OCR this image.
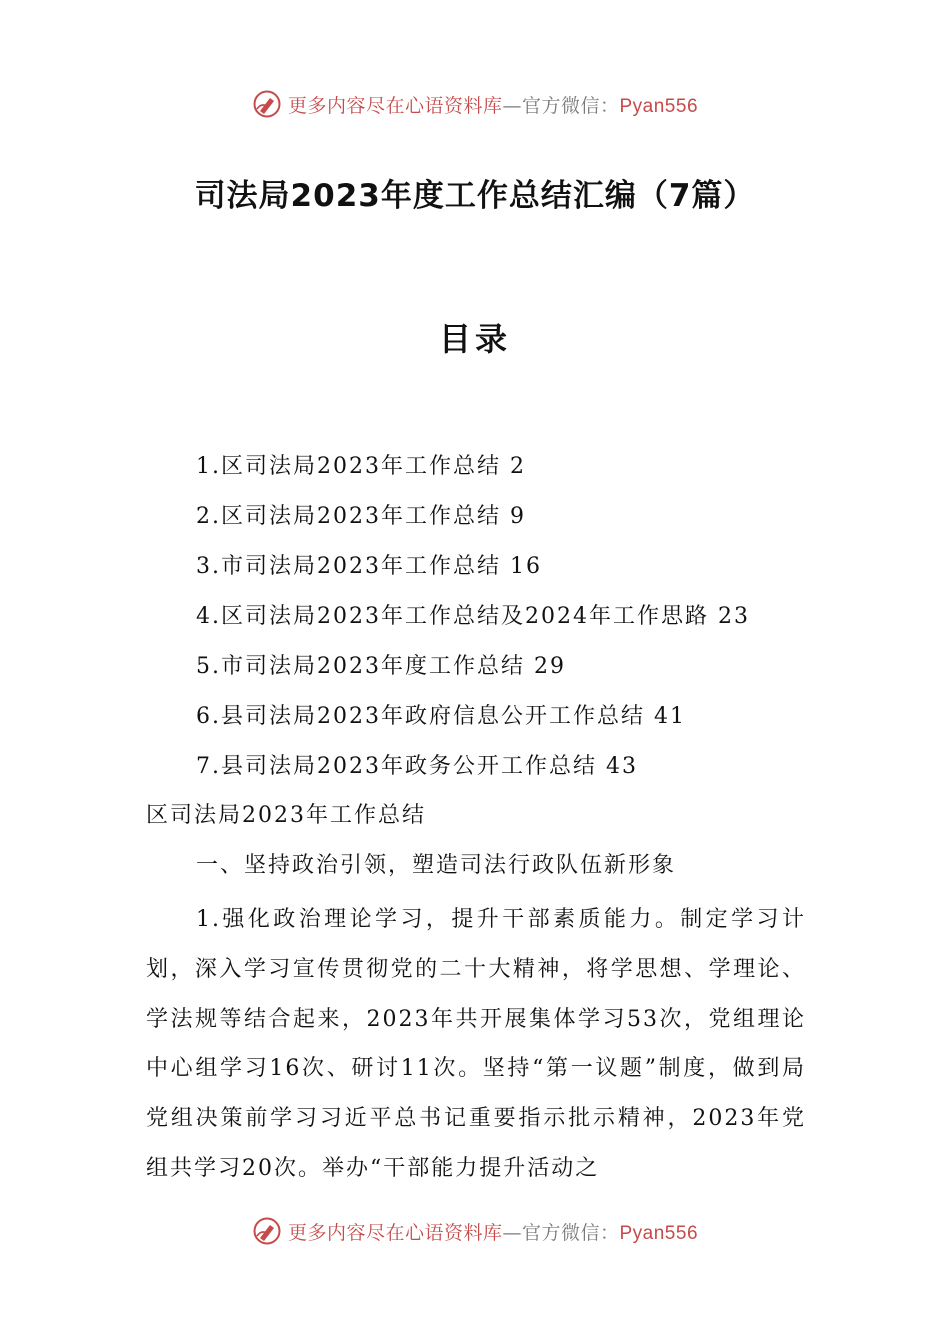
更多内容尽在心语资料库—官方微信：Pyan556
司法局2023年度工作总结汇编（7篇）
目录
1.区司法局2023年工作总结 2
2.区司法局2023年工作总结 9
3.市司法局2023年工作总结 16
4.区司法局2023年工作总结及2024年工作思路 23
5.市司法局2023年度工作总结 29
6.县司法局2023年政府信息公开工作总结 41
7.县司法局2023年政务公开工作总结 43
区司法局2023年工作总结
一、坚持政治引领，塑造司法行政队伍新形象

1.强化政治理论学习，提升干部素质能力。制定学习计划，深入学习宣传贯彻党的二十大精神，将学思想、学理论、学法规等结合起来，2023年共开展集体学习53次，党组理论中心组学习16次、研讨11次。坚持“第一议题”制度，做到局党组决策前学习习近平总书记重要指示批示精神，2023年党组共学习20次。举办“干部能力提升活动之

更多内容尽在心语资料库—官方微信：Pyan556
